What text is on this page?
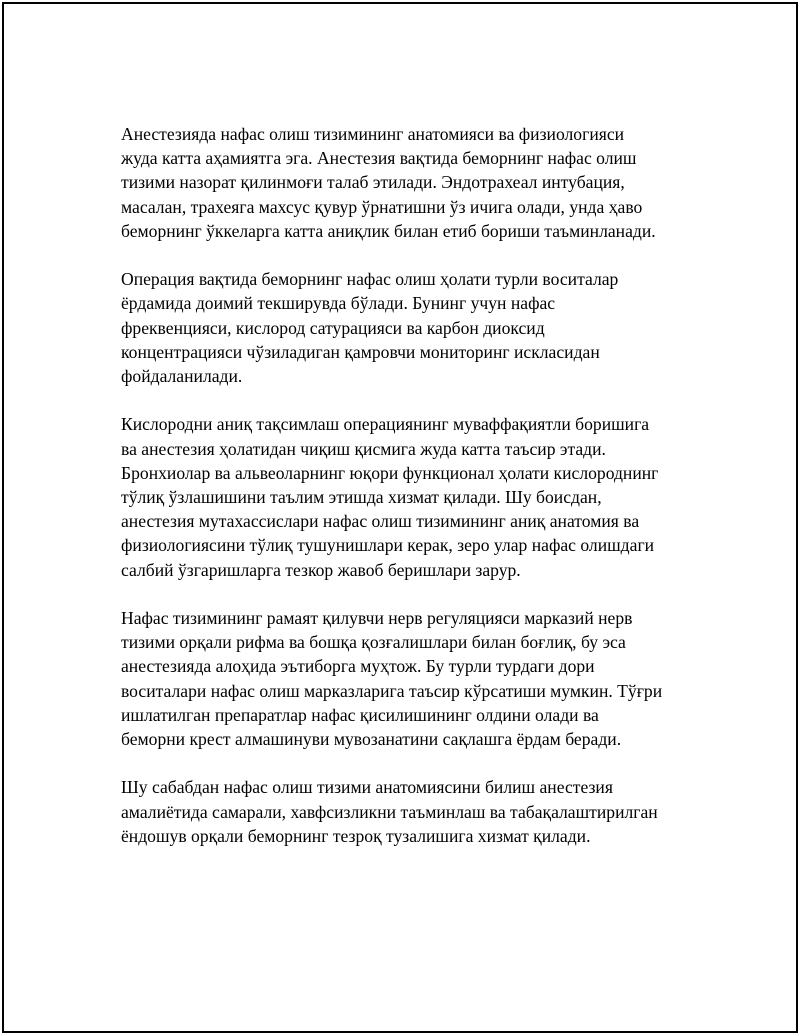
Анестезияда нафас олиш тизимининг анатомияси ва физиологияси
жуда катта аҳамиятга эга. Анестезия вақтида беморнинг нафас олиш
тизими назорат қилинмоғи талаб этилади. Эндотрахеал интубация,
масалан, трахеяга махсус қувур ўрнатишни ўз ичига олади, унда ҳаво
беморнинг ўккеларга катта аниқлик билан етиб бориши таъминланади.

Операция вақтида беморнинг нафас олиш ҳолати турли воситалар
ёрдамида доимий текширувда бўлади. Бунинг учун нафас
фреквенцияси, кислород сатурацияси ва карбон диоксид
концентрацияси чўзиладиган қамровчи мониторинг искласидан
фойдаланилади.

Кислородни аниқ тақсимлаш операциянинг муваффақиятли боришига
ва анестезия ҳолатидан чиқиш қисмига жуда катта таъсир этади.
Бронхиолар ва альвеоларнинг юқори функционал ҳолати кислороднинг
тўлиқ ўзлашишини таълим этишда хизмат қилади. Шу боисдан,
анестезия мутахассислари нафас олиш тизимининг аниқ анатомия ва
физиологиясини тўлиқ тушунишлари керак, зеро улар нафас олишдаги
салбий ўзгаришларга тезкор жавоб беришлари зарур.

Нафас тизимининг рамаят қилувчи нерв регуляцияси марказий нерв
тизими орқали рифма ва бошқа қозғалишлари билан боғлиқ, бу эса
анестезияда алоҳида эътиборга муҳтож. Бу турли турдаги дори
воситалари нафас олиш марказларига таъсир кўрсатиши мумкин. Тўғри
ишлатилган препаратлар нафас қисилишининг олдини олади ва
беморни крест алмашинуви мувозанатини сақлашга ёрдам беради.

Шу сабабдан нафас олиш тизими анатомиясини билиш анестезия
амалиётида самарали, хавфсизликни таъминлаш ва табақалаштирилган
ёндошув орқали беморнинг тезроқ тузалишига хизмат қилади.
